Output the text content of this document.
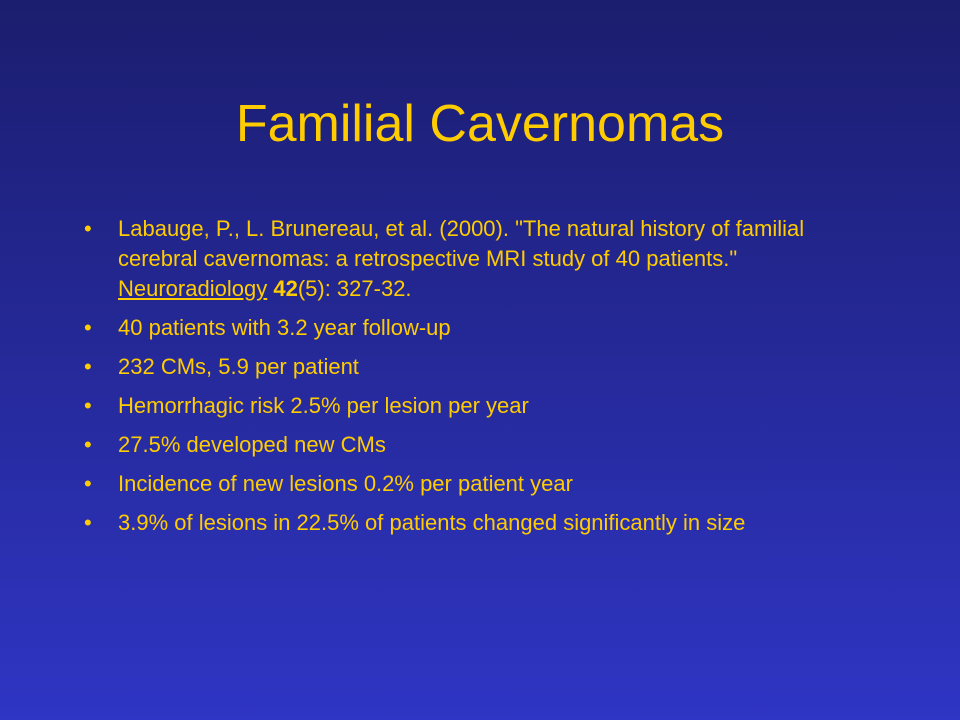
Familial Cavernomas
• Labauge, P., L. Brunereau, et al. (2000). "The natural history of familial cerebral cavernomas: a retrospective MRI study of 40 patients." Neuroradiology 42(5): 327-32.
• 40 patients with 3.2 year follow-up
• 232 CMs, 5.9 per patient
• Hemorrhagic risk 2.5% per lesion per year
• 27.5% developed new CMs
• Incidence of new lesions 0.2% per patient year
• 3.9% of lesions in 22.5% of patients changed significantly in size
